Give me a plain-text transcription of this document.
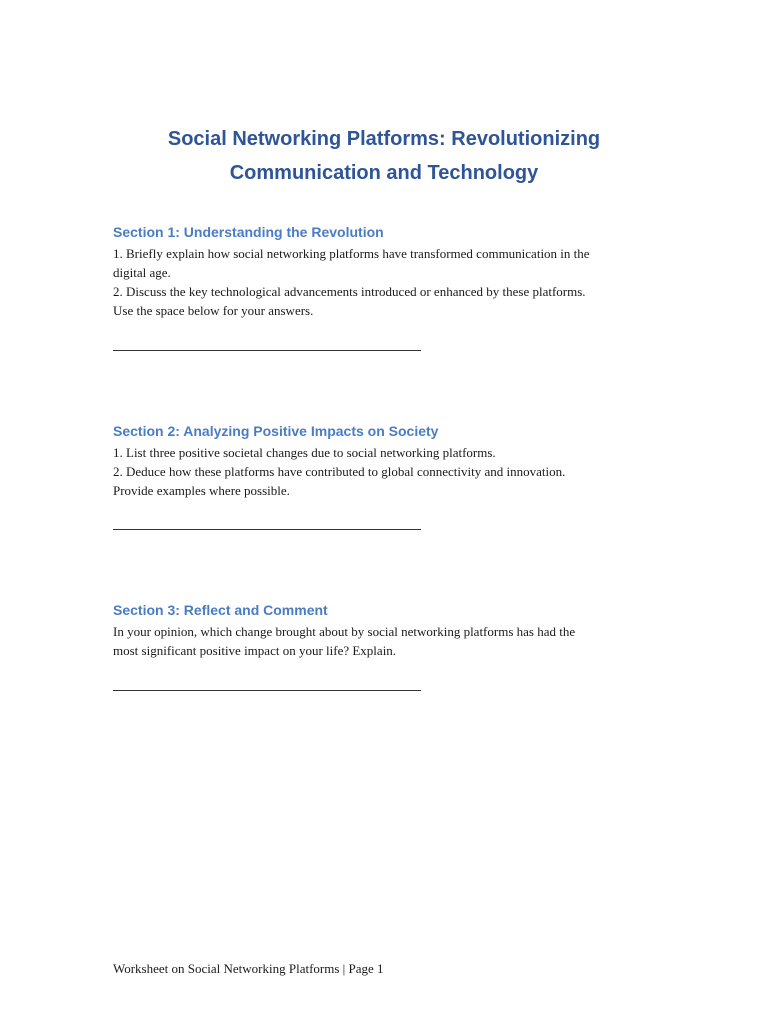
Social Networking Platforms: Revolutionizing
Communication and Technology
Section 1: Understanding the Revolution

1. Briefly explain how social networking platforms have transformed communication in the

digital age.

2. Discuss the key technological advancements introduced or enhanced by these platforms.

Use the space below for your answers.

Section 2: Analyzing Positive Impacts on Society

1. List three positive societal changes due to social networking platforms.

2. Deduce how these platforms have contributed to global connectivity and innovation.

Provide examples where possible.

Section 3: Reflect and Comment

In your opinion, which change brought about by social networking platforms has had the

most significant positive impact on your life? Explain.

Worksheet on Social Networking Platforms | Page 1
